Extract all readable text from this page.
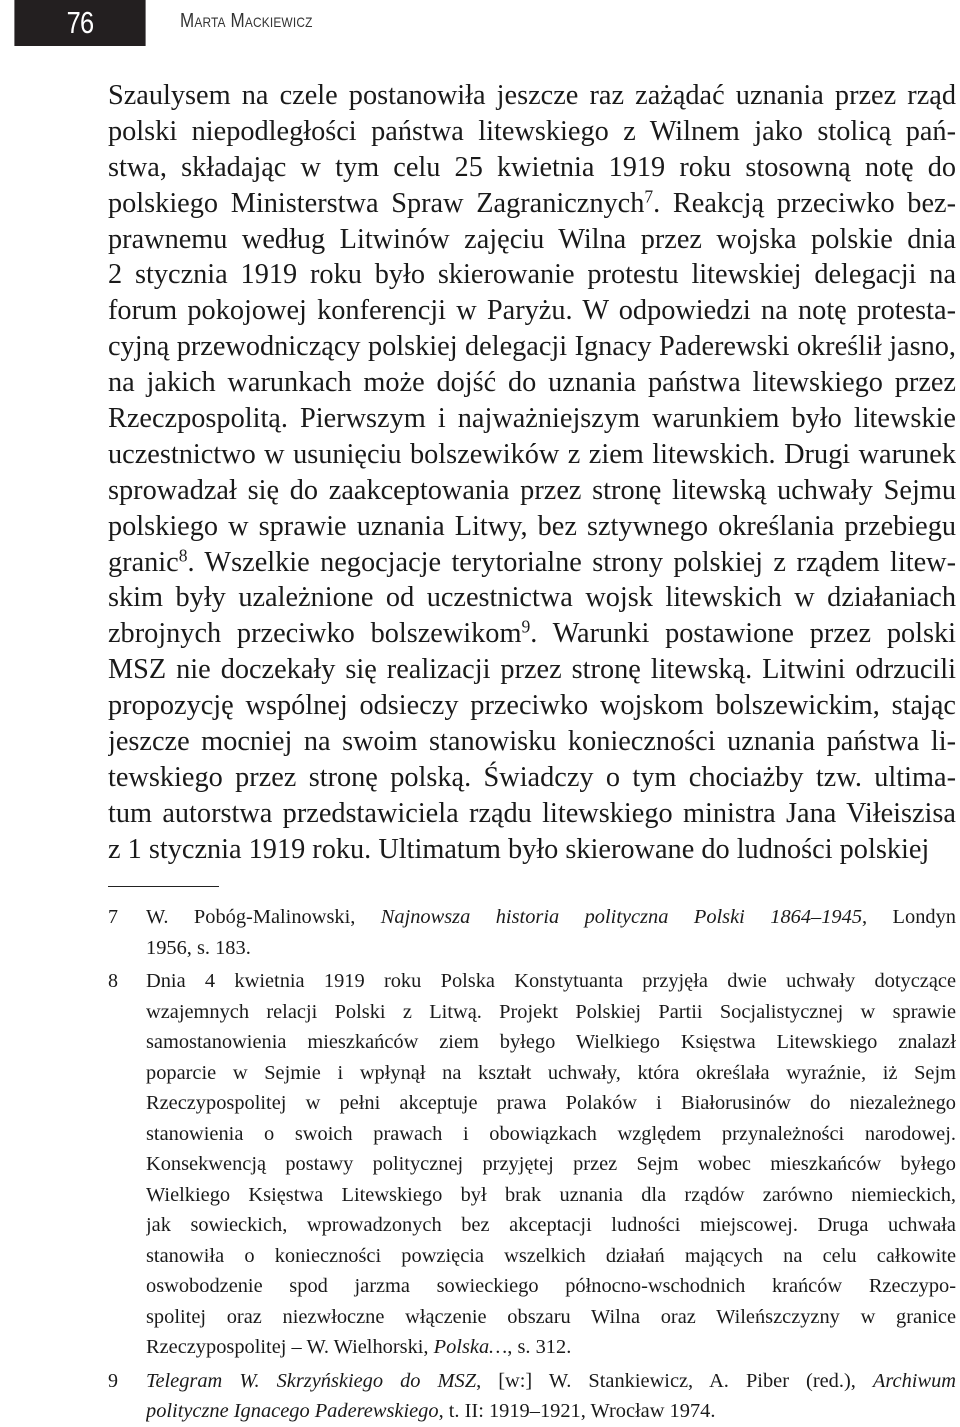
76	Marta Mackiewicz
Szaulysem na czele postanowiła jeszcze raz zażądać uznania przez rząd
polski niepodległości państwa litewskiego z Wilnem jako stolicą pań-
stwa, składając w tym celu 25 kwietnia 1919 roku stosowną notę do
polskiego Ministerstwa Spraw Zagranicznych$^7$. Reakcją przeciwko bez-
prawnemu według Litwinów zajęciu Wilna przez wojska polskie dnia
2 stycznia 1919 roku było skierowanie protestu litewskiej delegacji na
forum pokojowej konferencji w Paryżu. W odpowiedzi na notę protesta-
cyjną przewodniczący polskiej delegacji Ignacy Paderewski określił jasno,
na jakich warunkach może dojść do uznania państwa litewskiego przez
Rzeczpospolitą. Pierwszym i najważniejszym warunkiem było litewskie
uczestnictwo w usunięciu bolszewików z ziem litewskich. Drugi warunek
sprowadzał się do zaakceptowania przez stronę litewską uchwały Sejmu
polskiego w sprawie uznania Litwy, bez sztywnego określania przebiegu
granic$^8$. Wszelkie negocjacje terytorialne strony polskiej z rządem litew-
skim były uzależnione od uczestnictwa wojsk litewskich w działaniach
zbrojnych przeciwko bolszewikom$^9$. Warunki postawione przez polski
MSZ nie doczekały się realizacji przez stronę litewską. Litwini odrzucili
propozycję wspólnej odsieczy przeciwko wojskom bolszewickim, stając
jeszcze mocniej na swoim stanowisku konieczności uznania państwa li-
tewskiego przez stronę polską. Świadczy o tym chociażby tzw. ultima-
tum autorstwa przedstawiciela rządu litewskiego ministra Jana Viłeiszisa
z 1 stycznia 1919 roku. Ultimatum było skierowane do ludności polskiej
7 W. Pobóg-Malinowski, Najnowsza historia polityczna Polski 1864–1945, Londyn
1956, s. 183.
8 Dnia 4 kwietnia 1919 roku Polska Konstytuanta przyjęła dwie uchwały dotyczące
wzajemnych relacji Polski z Litwą. Projekt Polskiej Partii Socjalistycznej w sprawie
samostanowienia mieszkańców ziem byłego Wielkiego Księstwa Litewskiego znalazł
poparcie w Sejmie i wpłynął na kształt uchwały, która określała wyraźnie, iż Sejm
Rzeczypospolitej w pełni akceptuje prawa Polaków i Białorusinów do niezależnego
stanowienia o swoich prawach i obowiązkach względem przynależności narodowej.
Konsekwencją postawy politycznej przyjętej przez Sejm wobec mieszkańców byłego
Wielkiego Księstwa Litewskiego był brak uznania dla rządów zarówno niemieckich,
jak sowieckich, wprowadzonych bez akceptacji ludności miejscowej. Druga uchwała
stanowiła o konieczności powzięcia wszelkich działań mających na celu całkowite
oswobodzenie spod jarzma sowieckiego północno-wschodnich krańców Rzeczypo-
spolitej oraz niezwłoczne włączenie obszaru Wilna oraz Wileńszczyzny w granice
Rzeczypospolitej – W. Wielhorski, Polska…, s. 312.
9 Telegram W. Skrzyńskiego do MSZ, [w:] W. Stankiewicz, A. Piber (red.), Archiwum
polityczne Ignacego Paderewskiego, t. II: 1919–1921, Wrocław 1974.
